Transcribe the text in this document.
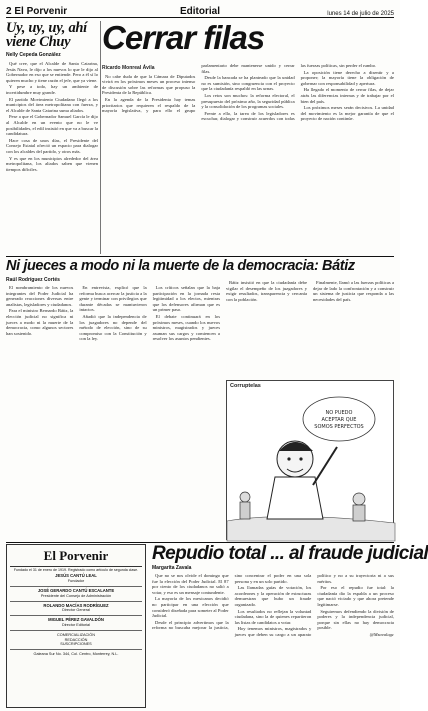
2 El Porvenir	Editorial	lunes 14 de julio de 2025
Uy, uy, uy, ahí viene Chuy
Nelly Cepeda González

Qué cree, que el Alcalde de Santa Catarina, Jesús Nava, le dijo a los nuevos lo que le dijo al Gobernador en eso que se entiende. Pero a él sí lo quieren mucho y tiene razón el jefe, que ya viene.

Y pese a todo, hay un ambiente de incertidumbre muy grande.

El partido Movimiento Ciudadano llegó a los municipios del área metropolitana con fuerza, y el Alcalde de Santa Catarina suma aliados.

Pese a que el Gobernador Samuel García le dijo al Alcalde en un evento que no le ve posibilidades, el edil insistió en que va a buscar la candidatura.

Hace cosa de unos días, el Presidente del Consejo Estatal ofreció un espacio para dialogar con los alcaldes del partido, y otros más.

Y es que en los municipios alrededor del área metropolitana, los aliados saben que vienen tiempos difíciles.

Cerrar filas
Ricardo Monreal Ávila

No cabe duda de que la Cámara de Diputados vivirá en los próximos meses un proceso intenso de discusión sobre las reformas que propuso la Presidenta de la República.

En la agenda de la Presidenta hay temas prioritarios que requieren el respaldo de la mayoría legislativa, y para ello el grupo parlamentario debe mantenerse unido y cerrar filas.

Desde la bancada se ha planteado que la unidad no es sumisión, sino congruencia con el proyecto que la ciudadanía respaldó en las urnas.

Los retos son muchos: la reforma electoral, el presupuesto del próximo año, la seguridad pública y la consolidación de los programas sociales.

Frente a ello, la tarea de los legisladores es escuchar, dialogar y construir acuerdos con todas las fuerzas políticas, sin perder el rumbo.

La oposición tiene derecho a disentir y a proponer; la mayoría tiene la obligación de gobernar con responsabilidad y apertura.

Ha llegado el momento de cerrar filas, de dejar atrás las diferencias internas y de trabajar por el bien del país.

Los próximos meses serán decisivos. La unidad del movimiento es la mejor garantía de que el proyecto de nación continúe.

Ni jueces a modo ni la muerte de la democracia: Bátiz
Raúl Rodríguez Cortés

El nombramiento de los nuevos integrantes del Poder Judicial ha generado reacciones diversas entre analistas, legisladores y ciudadanos.

Para el ministro Bernardo Bátiz, la elección judicial no significa ni jueces a modo ni la muerte de la democracia, como algunos sectores han sostenido.

En entrevista, explicó que la reforma busca acercar la justicia a la gente y terminar con privilegios que durante décadas se mantuvieron intactos.

Añadió que la independencia de los juzgadores no depende del método de elección, sino de su compromiso con la Constitución y con la ley.

Los críticos señalan que la baja participación en la jornada resta legitimidad a los electos, mientras que los defensores afirman que es un primer paso.

El debate continuará en los próximos meses, cuando los nuevos ministros, magistrados y jueces asuman sus cargos y comiencen a resolver los asuntos pendientes.

Bátiz insistió en que la ciudadanía debe vigilar el desempeño de los juzgadores y exigir resultados, transparencia y cercanía con la población.

Finalmente, llamó a las fuerzas políticas a dejar de lado la confrontación y a construir un sistema de justicia que responda a las necesidades del país.

Corruptelas
NO PUEDO
ACEPTAR QUE
SOMOS PERFECTOS
El Porvenir
Fundado el 31 de enero de 1919. Registrado como artículo de segunda clase.
JESÚS CANTÚ LEAL
Fundador
JOSÉ GERARDO CANTÚ ESCALANTE
Presidente del Consejo de Administración
ROLANDO MACÍAS RODRÍGUEZ
Director General
MIGUEL PÉREZ GAVALDÓN
Director Editorial
COMERCIALIZACIÓN
REDACCIÓN
SUSCRIPCIONES
Galeana Sur No. 344, Col. Centro, Monterrey, N.L.
Repudio total ... al fraude judicial
Margarita Zavala

Que no se nos olvide el domingo que fue la elección del Poder Judicial. El 87 por ciento de los ciudadanos no salió a votar, y eso es un mensaje contundente.

La mayoría de los mexicanos decidió no participar en una elección que consideró diseñada para someter al Poder Judicial.

Desde el principio advertimos que la reforma no buscaba mejorar la justicia, sino concentrar el poder en una sola persona y en un solo partido.

Las llamadas guías de votación, los acordeones y la operación de estructuras demuestran que hubo un fraude organizado.

Los resultados no reflejan la voluntad ciudadana, sino la de quienes repartieron las listas de candidatos a votar.

Hoy tenemos ministros, magistrados y jueces que deben su cargo a un aparato político y no a su trayectoria ni a sus méritos.

Por eso el repudio fue total: la ciudadanía dio la espalda a un proceso que nació viciado y que ahora pretende legitimarse.

Seguiremos defendiendo la división de poderes y la independencia judicial, porque sin ellas no hay democracia posible.

@Mzavalagc
